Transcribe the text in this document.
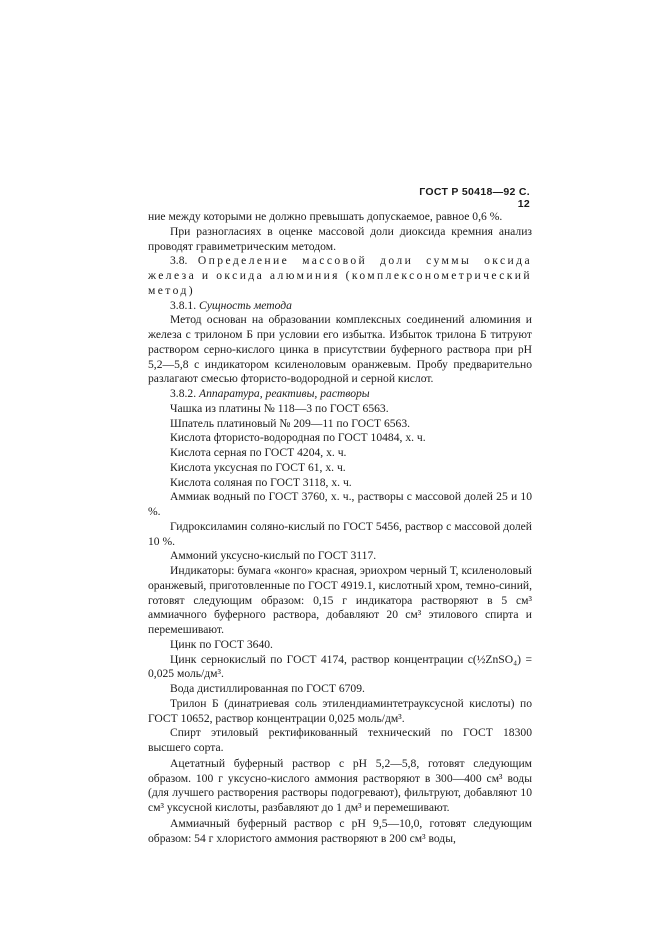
ГОСТ Р 50418—92 С. 12

ние между которыми не должно превышать допускаемое, равное 0,6 %.

При разногласиях в оценке массовой доли диоксида кремния анализ проводят гравиметрическим методом.

3.8. Определение массовой доли суммы оксида железа и оксида алюминия (комплексонометрический метод)

3.8.1. Сущность метода

Метод основан на образовании комплексных соединений алюминия и железа с трилоном Б при условии его избытка. Избыток трилона Б титруют раствором серно-кислого цинка в присутствии буферного раствора при pH 5,2—5,8 с индикатором ксиленоловым оранжевым. Пробу предварительно разлагают смесью фтористо-водородной и серной кислот.

3.8.2. Аппаратура, реактивы, растворы

Чашка из платины № 118—3 по ГОСТ 6563.

Шпатель платиновый № 209—11 по ГОСТ 6563.

Кислота фтористо-водородная по ГОСТ 10484, х. ч.

Кислота серная по ГОСТ 4204, х. ч.

Кислота уксусная по ГОСТ 61, х. ч.

Кислота соляная по ГОСТ 3118, х. ч.

Аммиак водный по ГОСТ 3760, х. ч., растворы с массовой долей 25 и 10 %.

Гидроксиламин соляно-кислый по ГОСТ 5456, раствор с массовой долей 10 %.

Аммоний уксусно-кислый по ГОСТ 3117.

Индикаторы: бумага «конго» красная, эриохром черный Т, ксиленоловый оранжевый, приготовленные по ГОСТ 4919.1, кислотный хром, темно-синий, готовят следующим образом: 0,15 г индикатора растворяют в 5 см³ аммиачного буферного раствора, добавляют 20 см³ этилового спирта и перемешивают.

Цинк по ГОСТ 3640.

Цинк сернокислый по ГОСТ 4174, раствор концентрации c(½ZnSO₄) = 0,025 моль/дм³.

Вода дистиллированная по ГОСТ 6709.

Трилон Б (динатриевая соль этилендиаминтетрауксусной кислоты) по ГОСТ 10652, раствор концентрации 0,025 моль/дм³.

Спирт этиловый ректификованный технический по ГОСТ 18300 высшего сорта.

Ацетатный буферный раствор с pH 5,2—5,8, готовят следующим образом. 100 г уксусно-кислого аммония растворяют в 300—400 см³ воды (для лучшего растворения растворы подогревают), фильтруют, добавляют 10 см³ уксусной кислоты, разбавляют до 1 дм³ и перемешивают.

Аммиачный буферный раствор с pH 9,5—10,0, готовят следующим образом: 54 г хлористого аммония растворяют в 200 см³ воды,
